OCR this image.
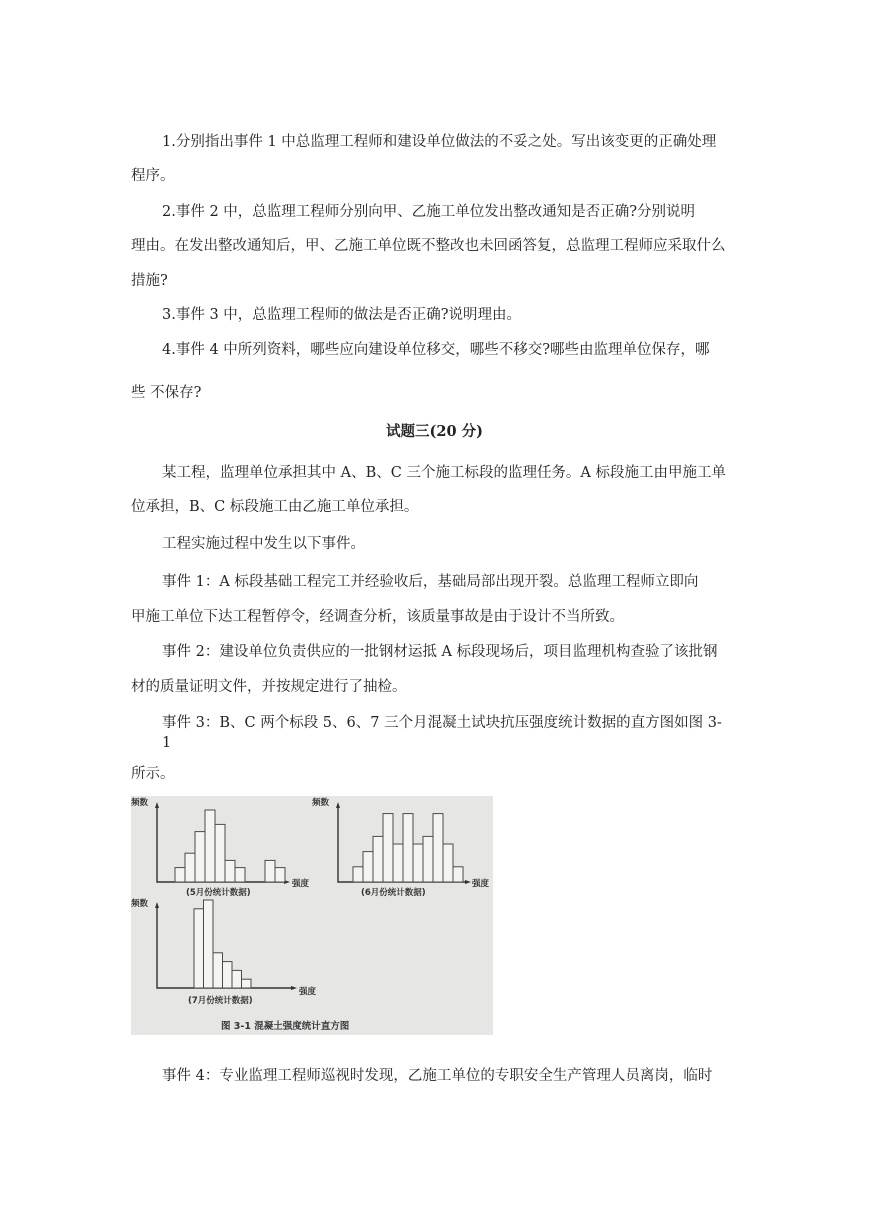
1.分别指出事件 1 中总监理工程师和建设单位做法的不妥之处。写出该变更的正确处理
程序。
2.事件 2 中，总监理工程师分别向甲、乙施工单位发出整改通知是否正确?分别说明
理由。在发出整改通知后，甲、乙施工单位既不整改也未回函答复，总监理工程师应采取什么
措施?
3.事件 3 中，总监理工程师的做法是否正确?说明理由。
4.事件 4 中所列资料，哪些应向建设单位移交，哪些不移交?哪些由监理单位保存，哪
些 不保存?
试题三(20 分)
某工程，监理单位承担其中 A、B、C 三个施工标段的监理任务。A 标段施工由甲施工单
位承担，B、C 标段施工由乙施工单位承担。
工程实施过程中发生以下事件。
事件 1：A 标段基础工程完工并经验收后，基础局部出现开裂。总监理工程师立即向
甲施工单位下达工程暂停令，经调查分析，该质量事故是由于设计不当所致。
事件 2：建设单位负责供应的一批钢材运抵 A 标段现场后，项目监理机构查验了该批钢
材的质量证明文件，并按规定进行了抽检。
事件 3：B、C 两个标段 5、6、7 三个月混凝土试块抗压强度统计数据的直方图如图 3-
1
所示。
事件 4：专业监理工程师巡视时发现，乙施工单位的专职安全生产管理人员离岗，临时
频数
强度
(5月份统计数据)
频数
强度
(6月份统计数据)
频数
强度
(7月份统计数据)
图 3-1 混凝土强度统计直方图
